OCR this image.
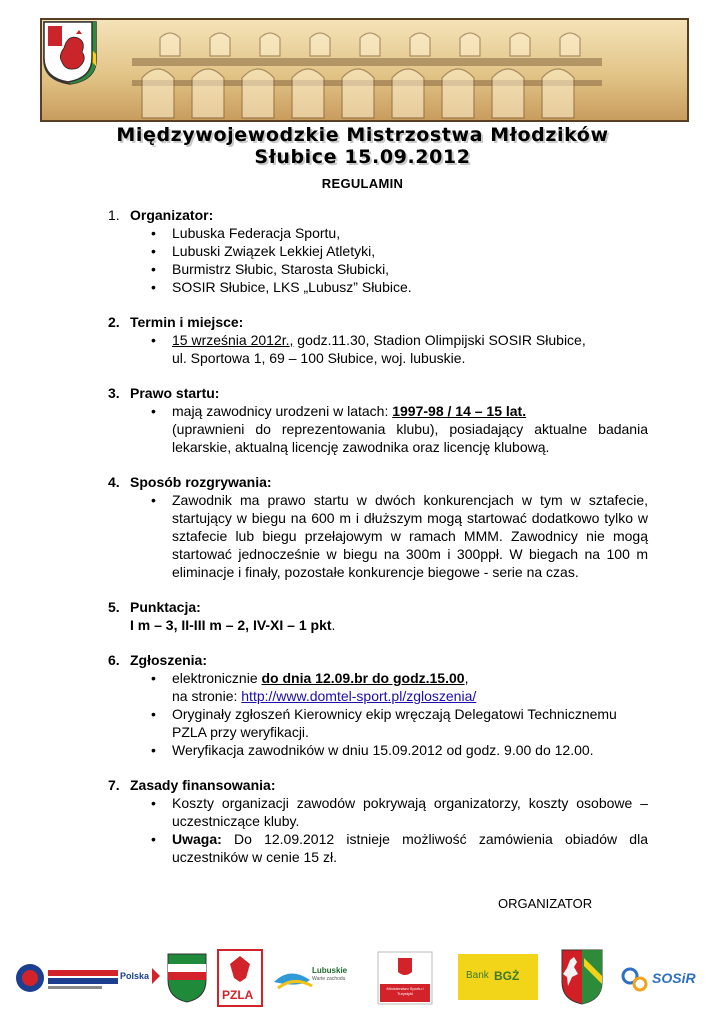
Międzywojewodzkie Mistrzostwa Młodzików
Słubice 15.09.2012
REGULAMIN
1. Organizator:
• Lubuska Federacja Sportu,
• Lubuski Związek Lekkiej Atletyki,
• Burmistrz Słubic, Starosta Słubicki,
• SOSIR Słubice, LKS „Lubusz” Słubice.
2. Termin i miejsce:
• 15 września 2012r., godz.11.30, Stadion Olimpijski SOSIR Słubice,
ul. Sportowa 1, 69 – 100 Słubice, woj. lubuskie.
3. Prawo startu:
• mają zawodnicy urodzeni w latach: 1997-98 / 14 – 15 lat.
(uprawnieni do reprezentowania klubu), posiadający aktualne badania lekarskie, aktualną licencję zawodnika oraz licencję klubową.
4. Sposób rozgrywania:
• Zawodnik ma prawo startu w dwóch konkurencjach w tym w sztafecie, startujący w biegu na 600 m i dłuższym mogą startować dodatkowo tylko w sztafecie lub biegu przełajowym w ramach MMM. Zawodnicy nie mogą startować jednocześnie w biegu na 300m i 300ppł. W biegach na 100 m eliminacje i finały, pozostałe konkurencje biegowe - serie na czas.
5. Punktacja:
I m – 3, II-III m – 2, IV-XI – 1 pkt.
6. Zgłoszenia:
• elektronicznie do dnia 12.09.br do godz.15.00,
na stronie: http://www.domtel-sport.pl/zgloszenia/
• Oryginały zgłoszeń Kierownicy ekip wręczają Delegatowi Technicznemu PZLA przy weryfikacji.
• Weryfikacja zawodników w dniu 15.09.2012 od godz. 9.00 do 12.00.
7. Zasady finansowania:
• Koszty organizacji zawodów pokrywają organizatorzy, koszty osobowe – uczestniczące kluby.
• Uwaga: Do 12.09.2012 istnieje możliwość zamówienia obiadów dla uczestników w cenie 15 zł.
ORGANIZATOR
Polska
PZLA
Lubuskie
Warte zachodu
Ministerstwo Sportu i Turystyki
Bank BGŻ	SOSiR
